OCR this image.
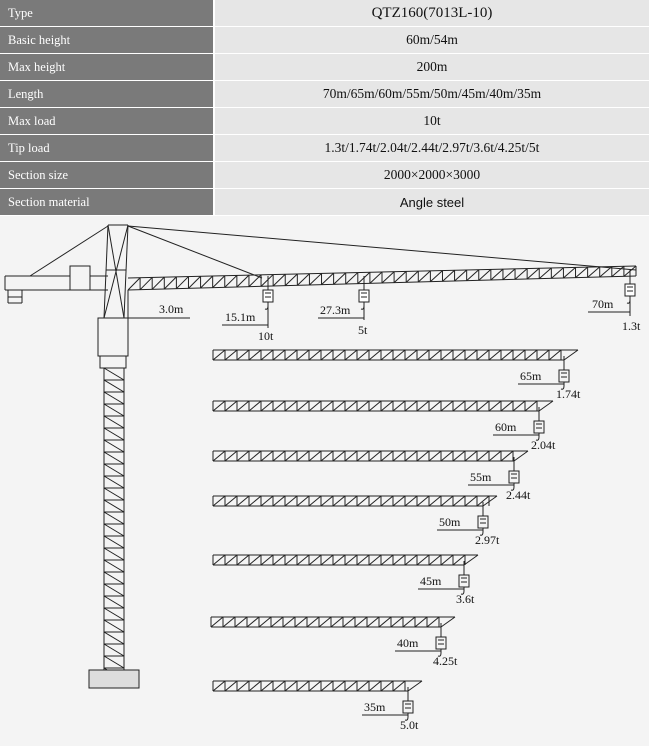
Type	QTZ160(7013L-10)
Basic height	60m/54m
Max height	200m
Length	70m/65m/60m/55m/50m/45m/40m/35m
Max load	10t
Tip load	1.3t/1.74t/2.04t/2.44t/2.97t/3.6t/4.25t/5t
Section size	2000×2000×3000
Section material	Angle steel
3.0m
15.1m
10t
27.3m
5t
70m
1.3t
65m
1.74t
60m
2.04t
55m
2.44t
50m
2.97t
45m
3.6t
40m
4.25t
35m
5.0t
